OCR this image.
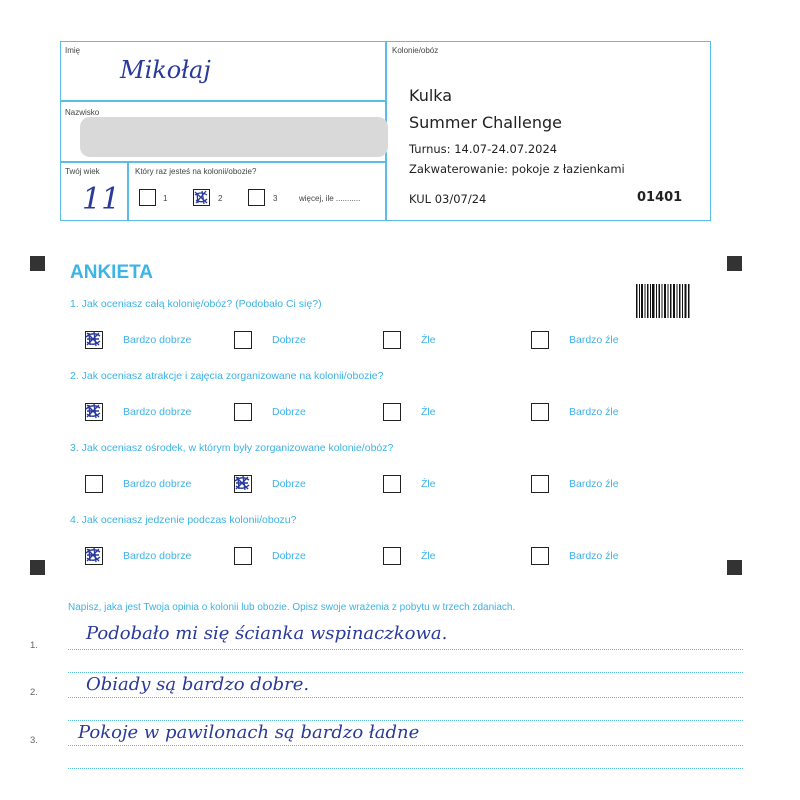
Imię
Mikołaj
Nazwisko
Twój wiek
11
Który raz jesteś na kolonii/obozie?
1	2	3	więcej, ile ...........
Kolonie/obóz
Kulka
Summer Challenge
Turnus: 14.07-24.07.2024
Zakwaterowanie: pokoje z łazienkami
KUL 03/07/24	01401
ANKIETA
1. Jak oceniasz całą kolonię/obóz? (Podobało Ci się?)
Bardzo dobrze	Dobrze	Źle	Bardzo źle
2. Jak oceniasz atrakcje i zajęcia zorganizowane na kolonii/obozie?
Bardzo dobrze	Dobrze	Źle	Bardzo źle
3. Jak oceniasz ośrodek, w którym były zorganizowane kolonie/obóz?
Bardzo dobrze	Dobrze	Źle	Bardzo źle
4. Jak oceniasz jedzenie podczas kolonii/obozu?
Bardzo dobrze	Dobrze	Źle	Bardzo źle
Napisz, jaka jest Twoja opinia o kolonii lub obozie. Opisz swoje wrażenia z pobytu w trzech zdaniach.
1.
Podobało mi się ścianka wspinaczkowa.
2.	Obiady są bardzo dobre.
3. Pokoje w pawilonach są bardzo ładne
